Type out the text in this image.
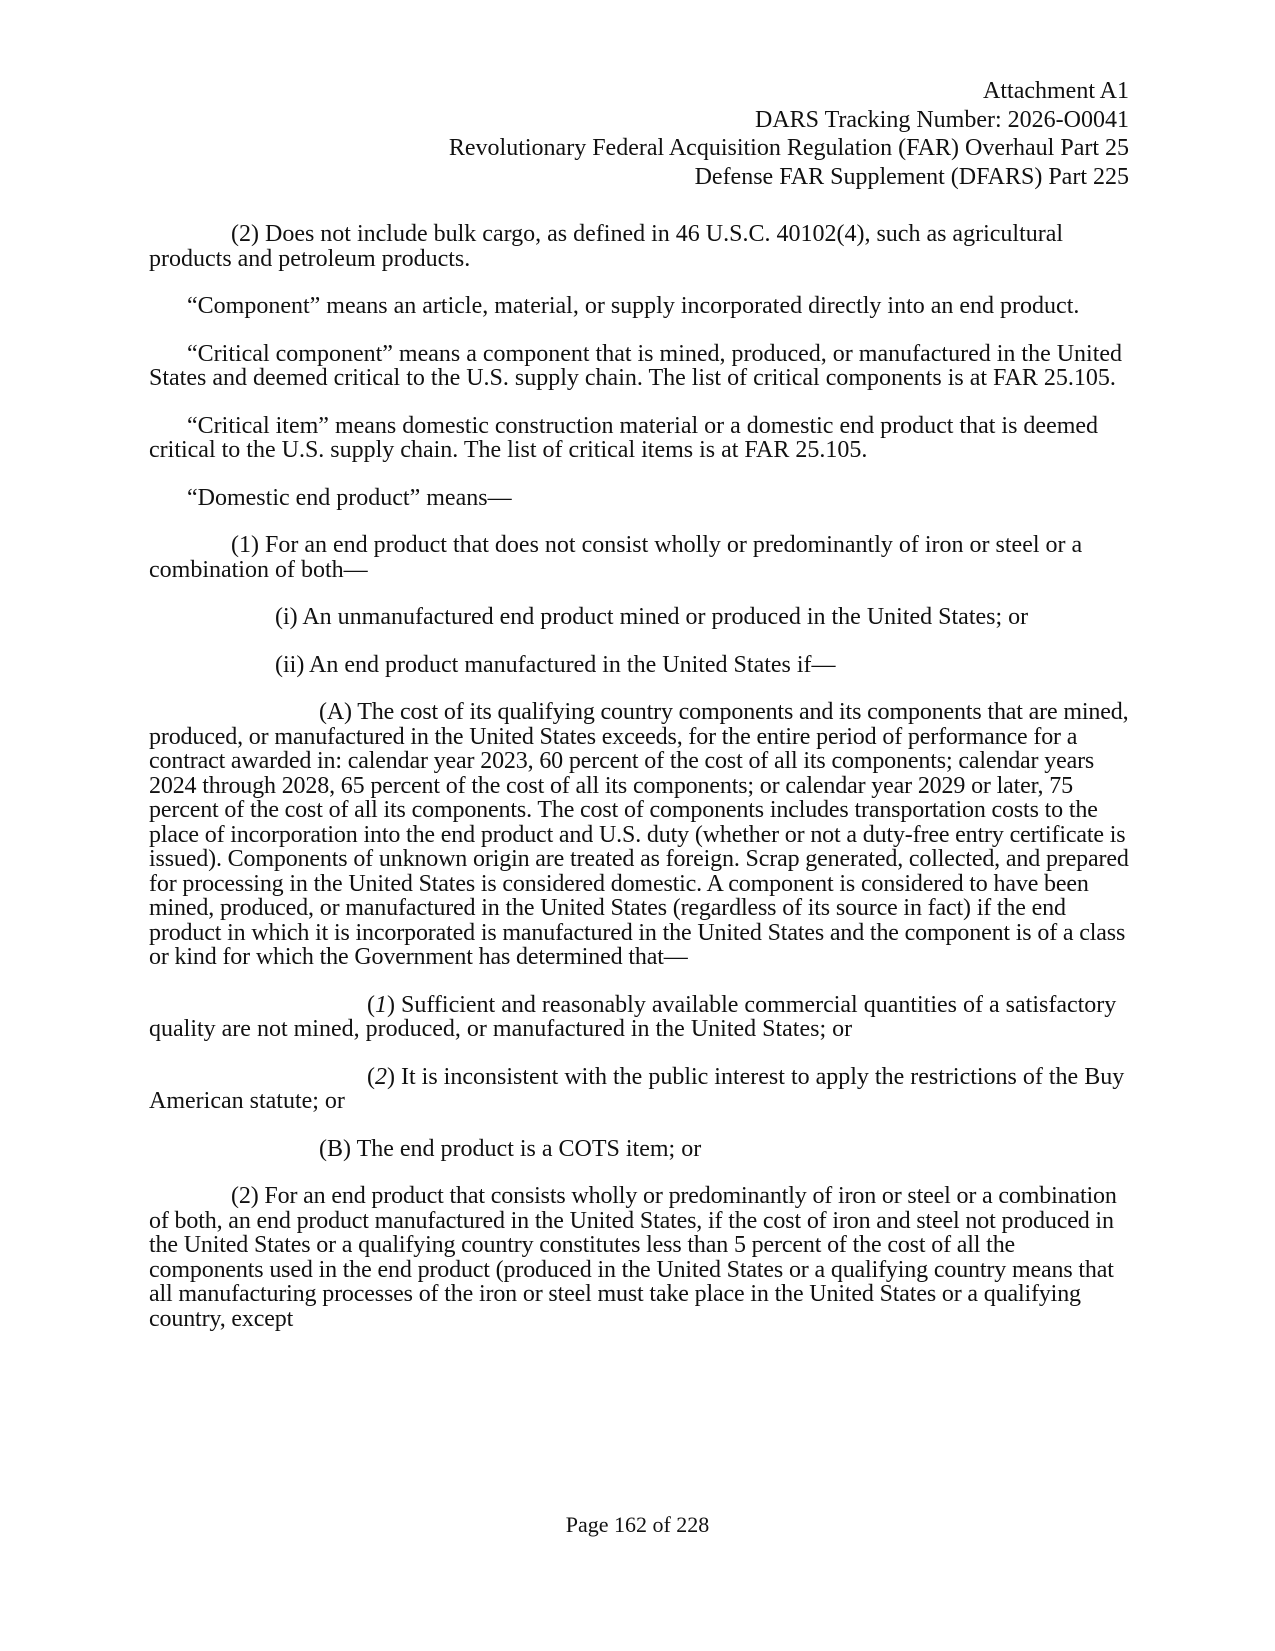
Attachment A1
DARS Tracking Number: 2026-O0041
Revolutionary Federal Acquisition Regulation (FAR) Overhaul Part 25
Defense FAR Supplement (DFARS) Part 225

(2) Does not include bulk cargo, as defined in 46 U.S.C. 40102(4), such as agricultural products and petroleum products.

“Component” means an article, material, or supply incorporated directly into an end product.

“Critical component” means a component that is mined, produced, or manufactured in the United States and deemed critical to the U.S. supply chain. The list of critical components is at FAR 25.105.

“Critical item” means domestic construction material or a domestic end product that is deemed critical to the U.S. supply chain. The list of critical items is at FAR 25.105.

“Domestic end product” means—

(1) For an end product that does not consist wholly or predominantly of iron or steel or a combination of both—

(i) An unmanufactured end product mined or produced in the United States; or

(ii) An end product manufactured in the United States if—

(A) The cost of its qualifying country components and its components that are mined, produced, or manufactured in the United States exceeds, for the entire period of performance for a contract awarded in: calendar year 2023, 60 percent of the cost of all its components; calendar years 2024 through 2028, 65 percent of the cost of all its components; or calendar year 2029 or later, 75 percent of the cost of all its components. The cost of components includes transportation costs to the place of incorporation into the end product and U.S. duty (whether or not a duty-free entry certificate is issued). Components of unknown origin are treated as foreign. Scrap generated, collected, and prepared for processing in the United States is considered domestic. A component is considered to have been mined, produced, or manufactured in the United States (regardless of its source in fact) if the end product in which it is incorporated is manufactured in the United States and the component is of a class or kind for which the Government has determined that—

(1) Sufficient and reasonably available commercial quantities of a satisfactory quality are not mined, produced, or manufactured in the United States; or

(2) It is inconsistent with the public interest to apply the restrictions of the Buy American statute; or

(B) The end product is a COTS item; or

(2) For an end product that consists wholly or predominantly of iron or steel or a combination of both, an end product manufactured in the United States, if the cost of iron and steel not produced in the United States or a qualifying country constitutes less than 5 percent of the cost of all the components used in the end product (produced in the United States or a qualifying country means that all manufacturing processes of the iron or steel must take place in the United States or a qualifying country, except

Page 162 of 228
